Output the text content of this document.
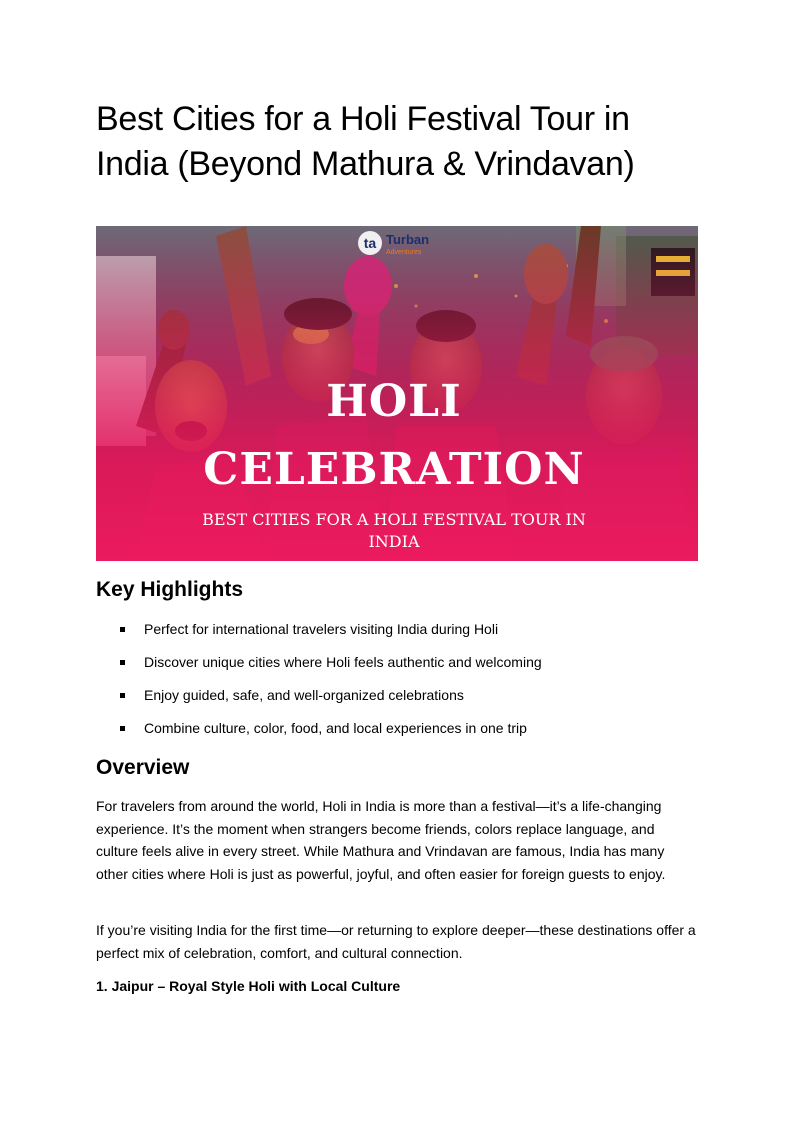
Best Cities for a Holi Festival Tour in India (Beyond Mathura & Vrindavan)
ta Turban
Adventures
HOLI
CELEBRATION
BEST CITIES FOR A HOLI FESTIVAL TOUR IN
INDIA
Key Highlights
Perfect for international travelers visiting India during Holi
Discover unique cities where Holi feels authentic and welcoming
Enjoy guided, safe, and well-organized celebrations
Combine culture, color, food, and local experiences in one trip
Overview

For travelers from around the world, Holi in India is more than a festival—it’s a life-changing experience. It’s the moment when strangers become friends, colors replace language, and culture feels alive in every street. While Mathura and Vrindavan are famous, India has many other cities where Holi is just as powerful, joyful, and often easier for foreign guests to enjoy.

If you’re visiting India for the first time—or returning to explore deeper—these destinations offer a perfect mix of celebration, comfort, and cultural connection.

1. Jaipur – Royal Style Holi with Local Culture
